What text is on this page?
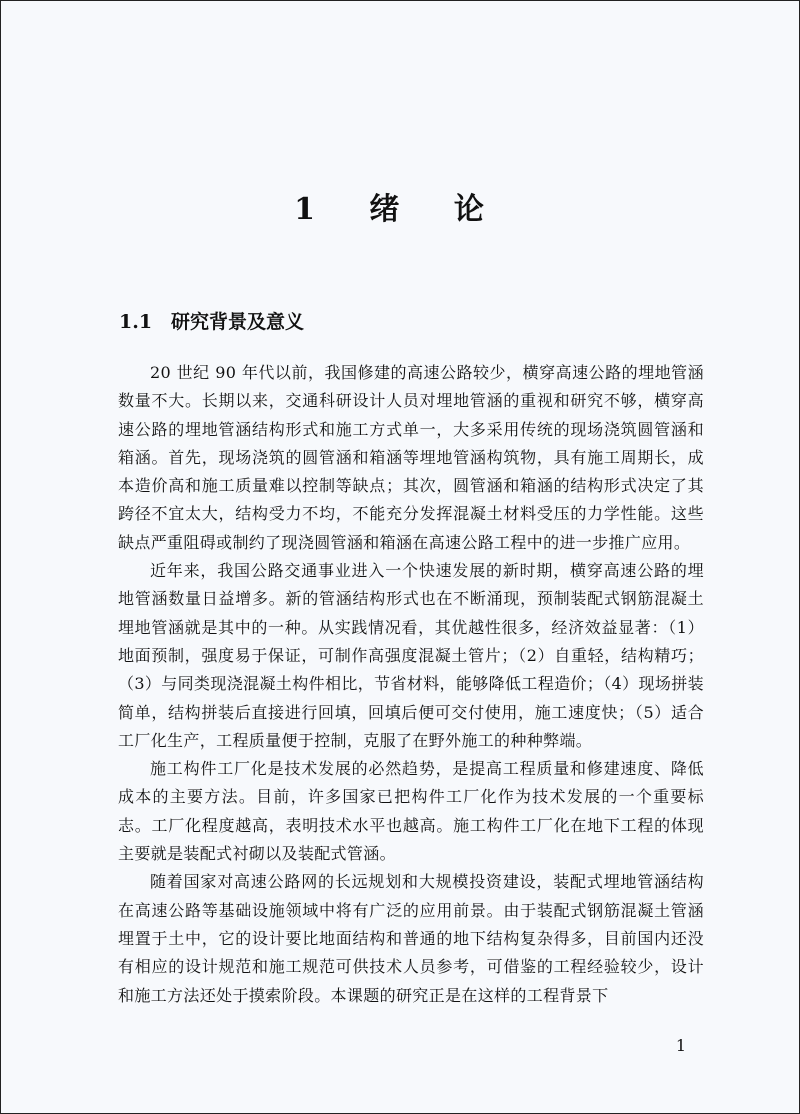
1 绪 论
1.1 研究背景及意义

20 世纪 90 年代以前，我国修建的高速公路较少，横穿高速公路的埋地管涵数量不大。长期以来，交通科研设计人员对埋地管涵的重视和研究不够，横穿高速公路的埋地管涵结构形式和施工方式单一，大多采用传统的现场浇筑圆管涵和箱涵。首先，现场浇筑的圆管涵和箱涵等埋地管涵构筑物，具有施工周期长，成本造价高和施工质量难以控制等缺点；其次，圆管涵和箱涵的结构形式决定了其跨径不宜太大，结构受力不均，不能充分发挥混凝土材料受压的力学性能。这些缺点严重阻碍或制约了现浇圆管涵和箱涵在高速公路工程中的进一步推广应用。

近年来，我国公路交通事业进入一个快速发展的新时期，横穿高速公路的埋地管涵数量日益增多。新的管涵结构形式也在不断涌现，预制装配式钢筋混凝土埋地管涵就是其中的一种。从实践情况看，其优越性很多，经济效益显著：（1）地面预制，强度易于保证，可制作高强度混凝土管片；（2）自重轻，结构精巧；（3）与同类现浇混凝土构件相比，节省材料，能够降低工程造价；（4）现场拼装简单，结构拼装后直接进行回填，回填后便可交付使用，施工速度快；（5）适合工厂化生产，工程质量便于控制，克服了在野外施工的种种弊端。

施工构件工厂化是技术发展的必然趋势，是提高工程质量和修建速度、降低成本的主要方法。目前，许多国家已把构件工厂化作为技术发展的一个重要标志。工厂化程度越高，表明技术水平也越高。施工构件工厂化在地下工程的体现主要就是装配式衬砌以及装配式管涵。

随着国家对高速公路网的长远规划和大规模投资建设，装配式埋地管涵结构在高速公路等基础设施领域中将有广泛的应用前景。由于装配式钢筋混凝土管涵埋置于土中，它的设计要比地面结构和普通的地下结构复杂得多，目前国内还没有相应的设计规范和施工规范可供技术人员参考，可借鉴的工程经验较少，设计和施工方法还处于摸索阶段。本课题的研究正是在这样的工程背景下

1
